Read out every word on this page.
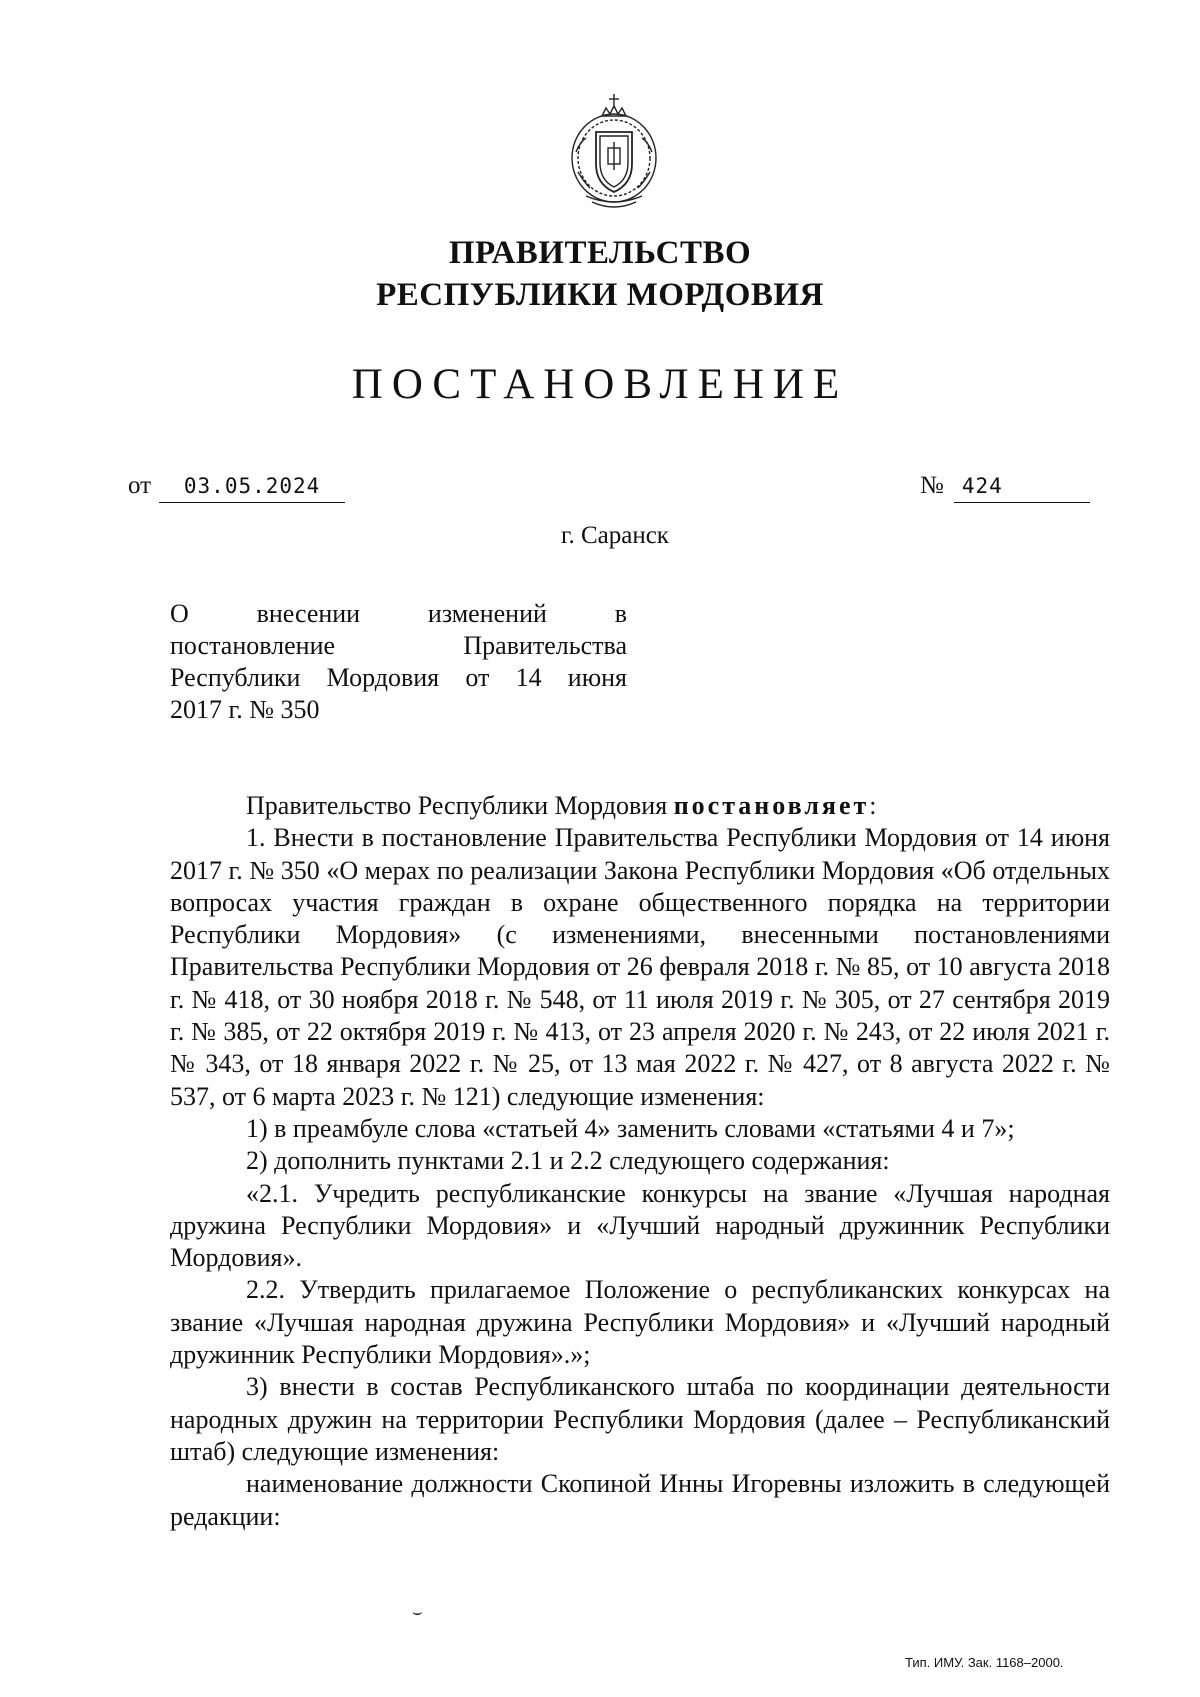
ПРАВИТЕЛЬСТВО
РЕСПУБЛИКИ МОРДОВИЯ
ПОСТАНОВЛЕНИЕ
от 03.05.2024	№ 424
г. Саранск
О внесении изменений в
постановление Правительства
Республики Мордовия от 14 июня
2017 г. № 350

Правительство Республики Мордовия постановляет:

1. Внести в постановление Правительства Республики Мордовия от 14 июня 2017 г. № 350 «О мерах по реализации Закона Республики Мордовия «Об отдельных вопросах участия граждан в охране общественного порядка на территории Республики Мордовия» (с изменениями, внесенными постановлениями Правительства Республики Мордовия от 26 февраля 2018 г. № 85, от 10 августа 2018 г. № 418, от 30 ноября 2018 г. № 548, от 11 июля 2019 г. № 305, от 27 сентября 2019 г. № 385, от 22 октября 2019 г. № 413, от 23 апреля 2020 г. № 243, от 22 июля 2021 г. № 343, от 18 января 2022 г. № 25, от 13 мая 2022 г. № 427, от 8 августа 2022 г. № 537, от 6 марта 2023 г. № 121) следующие изменения:

1) в преамбуле слова «статьей 4» заменить словами «статьями 4 и 7»;

2) дополнить пунктами 2.1 и 2.2 следующего содержания:

«2.1. Учредить республиканские конкурсы на звание «Лучшая народная дружина Республики Мордовия» и «Лучший народный дружинник Республики Мордовия».

2.2. Утвердить прилагаемое Положение о республиканских конкурсах на звание «Лучшая народная дружина Республики Мордовия» и «Лучший народный дружинник Республики Мордовия».»;

3) внести в состав Республиканского штаба по координации деятельности народных дружин на территории Республики Мордовия (далее – Республиканский штаб) следующие изменения:

наименование должности Скопиной Инны Игоревны изложить в следующей редакции:

⌣
Тип. ИМУ. Зак. 1168–2000.
